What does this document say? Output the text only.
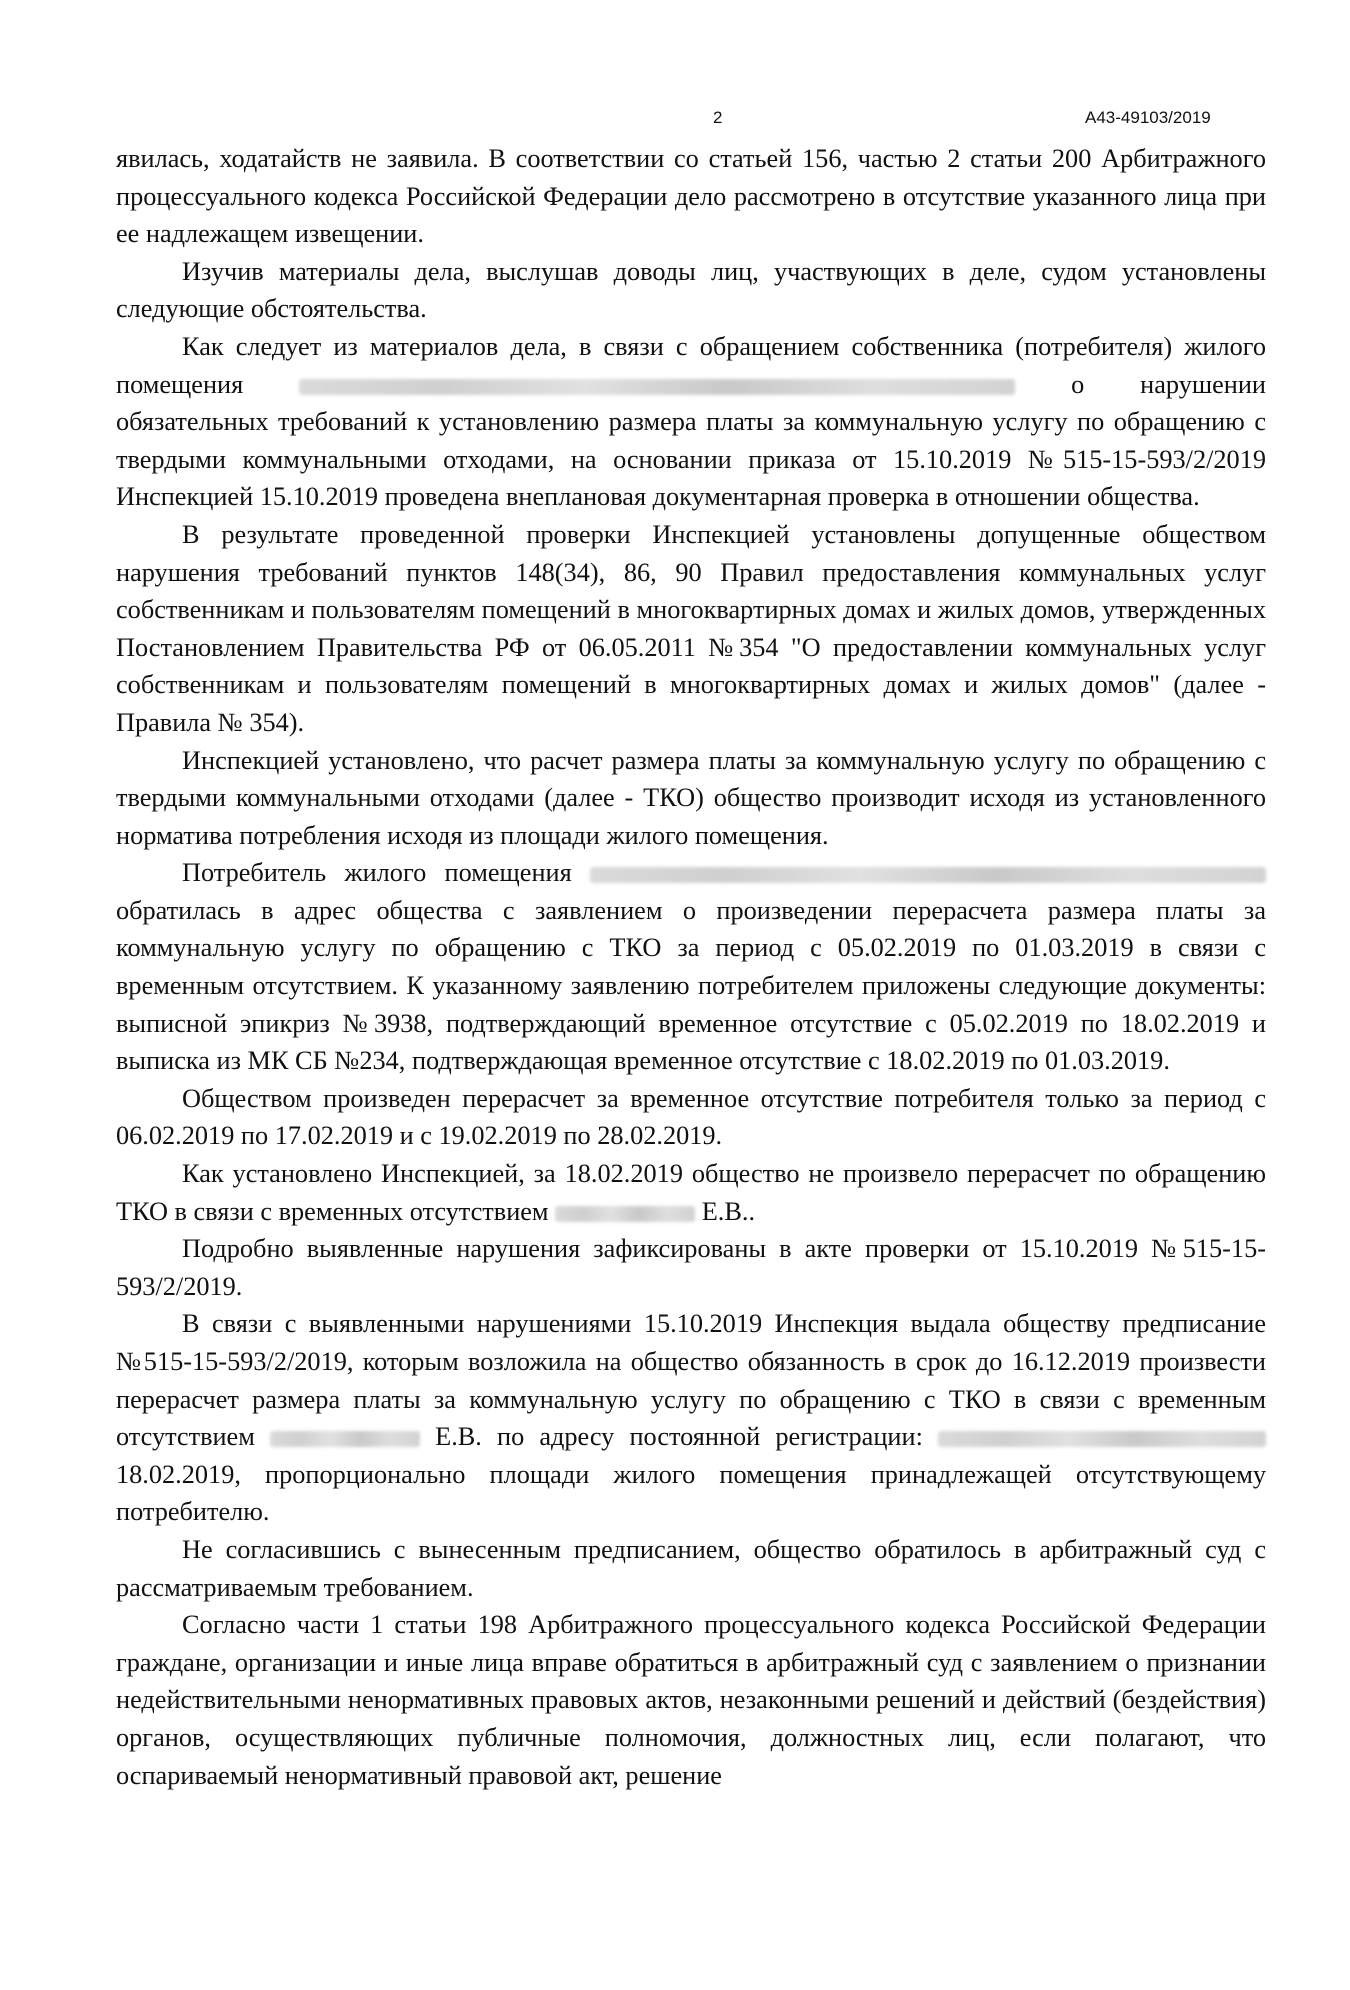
2	А43-49103/2019

явилась, ходатайств не заявила. В соответствии со статьей 156, частью 2 статьи 200 Арбитражного процессуального кодекса Российской Федерации дело рассмотрено в отсутствие указанного лица при ее надлежащем извещении.

Изучив материалы дела, выслушав доводы лиц, участвующих в деле, судом установлены следующие обстоятельства.

Как следует из материалов дела, в связи с обращением собственника (потребителя) жилого помещения	о нарушении обязательных требований к установлению размера платы за коммунальную услугу по обращению с твердыми коммунальными отходами, на основании приказа от 15.10.2019 №515-15-593/2/2019 Инспекцией 15.10.2019 проведена внеплановая документарная проверка в отношении общества.

В результате проведенной проверки Инспекцией установлены допущенные обществом нарушения требований пунктов 148(34), 86, 90 Правил предоставления коммунальных услуг собственникам и пользователям помещений в многоквартирных домах и жилых домов, утвержденных Постановлением Правительства РФ от 06.05.2011 №354 "О предоставлении коммунальных услуг собственникам и пользователям помещений в многоквартирных домах и жилых домов" (далее - Правила № 354).

Инспекцией установлено, что расчет размера платы за коммунальную услугу по обращению с твердыми коммунальными отходами (далее - ТКО) общество производит исходя из установленного норматива потребления исходя из площади жилого помещения.

Потребитель жилого помещения  обратилась в адрес общества с заявлением о произведении перерасчета размера платы за коммунальную услугу по обращению с ТКО за период с 05.02.2019 по 01.03.2019 в связи с временным отсутствием. К указанному заявлению потребителем приложены следующие документы: выписной эпикриз №3938, подтверждающий временное отсутствие с 05.02.2019 по 18.02.2019 и выписка из МК СБ №234, подтверждающая временное отсутствие с 18.02.2019 по 01.03.2019.

Обществом произведен перерасчет за временное отсутствие потребителя только за период с 06.02.2019 по 17.02.2019 и с 19.02.2019 по 28.02.2019.

Как установлено Инспекцией, за 18.02.2019 общество не произвело перерасчет по обращению ТКО в связи с временных отсутствием	Е.В..

Подробно выявленные нарушения зафиксированы в акте проверки от 15.10.2019 №515-15-593/2/2019.

В связи с выявленными нарушениями 15.10.2019 Инспекция выдала обществу предписание №515-15-593/2/2019, которым возложила на общество обязанность в срок до 16.12.2019 произвести перерасчет размера платы за коммунальную услугу по обращению с ТКО в связи с временным отсутствием	Е.В. по адресу постоянной регистрации:  18.02.2019, пропорционально площади жилого помещения принадлежащей отсутствующему потребителю.

Не согласившись с вынесенным предписанием, общество обратилось в арбитражный суд с рассматриваемым требованием.

Согласно части 1 статьи 198 Арбитражного процессуального кодекса Российской Федерации граждане, организации и иные лица вправе обратиться в арбитражный суд с заявлением о признании недействительными ненормативных правовых актов, незаконными решений и действий (бездействия) органов, осуществляющих публичные полномочия, должностных лиц, если полагают, что оспариваемый ненормативный правовой акт, решение
